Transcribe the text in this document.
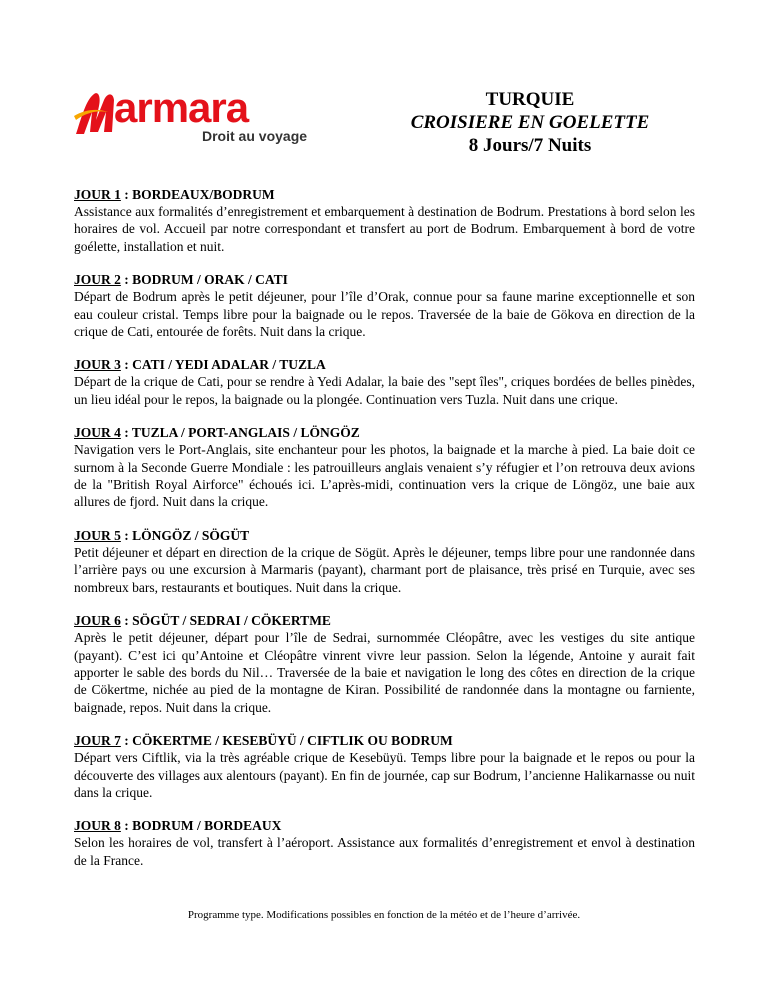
armara
Droit au voyage
TURQUIE
CROISIERE EN GOELETTE
8 Jours/7 Nuits
JOUR 1 : BORDEAUX/BODRUM
Assistance aux formalités d’enregistrement et embarquement à destination de Bodrum. Prestations à bord selon les horaires de vol. Accueil par notre correspondant et transfert au port de Bodrum. Embarquement à bord de votre goélette, installation et nuit.
JOUR 2 : BODRUM / ORAK / CATI
Départ de Bodrum après le petit déjeuner, pour l’île d’Orak, connue pour sa faune marine exceptionnelle et son eau couleur cristal. Temps libre pour la baignade ou le repos. Traversée de la baie de Gökova en direction de la crique de Cati, entourée de forêts. Nuit dans la crique.
JOUR 3 : CATI / YEDI ADALAR / TUZLA
Départ de la crique de Cati, pour se rendre à Yedi Adalar, la baie des "sept îles", criques bordées de belles pinèdes, un lieu idéal pour le repos, la baignade ou la plongée. Continuation vers Tuzla. Nuit dans une crique.
JOUR 4 : TUZLA / PORT-ANGLAIS / LÖNGÖZ
Navigation vers le Port-Anglais, site enchanteur pour les photos, la baignade et la marche à pied. La baie doit ce surnom à la Seconde Guerre Mondiale : les patrouilleurs anglais venaient s’y réfugier et l’on retrouva deux avions de la "British Royal Airforce" échoués ici. L’après-midi, continuation vers la crique de Löngöz, une baie aux allures de fjord. Nuit dans la crique.
JOUR 5 : LÖNGÖZ / SÖGÜT
Petit déjeuner et départ en direction de la crique de Sögüt. Après le déjeuner, temps libre pour une randonnée dans l’arrière pays ou une excursion à Marmaris (payant), charmant port de plaisance, très prisé en Turquie, avec ses nombreux bars, restaurants et boutiques. Nuit dans la crique.
JOUR 6 : SÖGÜT / SEDRAI / CÖKERTME
Après le petit déjeuner, départ pour l’île de Sedrai, surnommée Cléopâtre, avec les vestiges du site antique (payant). C’est ici qu’Antoine et Cléopâtre vinrent vivre leur passion. Selon la légende, Antoine y aurait fait apporter le sable des bords du Nil… Traversée de la baie et navigation le long des côtes en direction de la crique de Cökertme, nichée au pied de la montagne de Kiran. Possibilité de randonnée dans la montagne ou farniente, baignade, repos. Nuit dans la crique.
JOUR 7 : CÖKERTME / KESEBÜYÜ / CIFTLIK OU BODRUM
Départ vers Ciftlik, via la très agréable crique de Kesebüyü. Temps libre pour la baignade et le repos ou pour la découverte des villages aux alentours (payant). En fin de journée, cap sur Bodrum, l’ancienne Halikarnasse ou nuit dans la crique.
JOUR 8 : BODRUM / BORDEAUX
Selon les horaires de vol, transfert à l’aéroport. Assistance aux formalités d’enregistrement et envol à destination de la France.
Programme type. Modifications possibles en fonction de la météo et de l’heure d’arrivée.
